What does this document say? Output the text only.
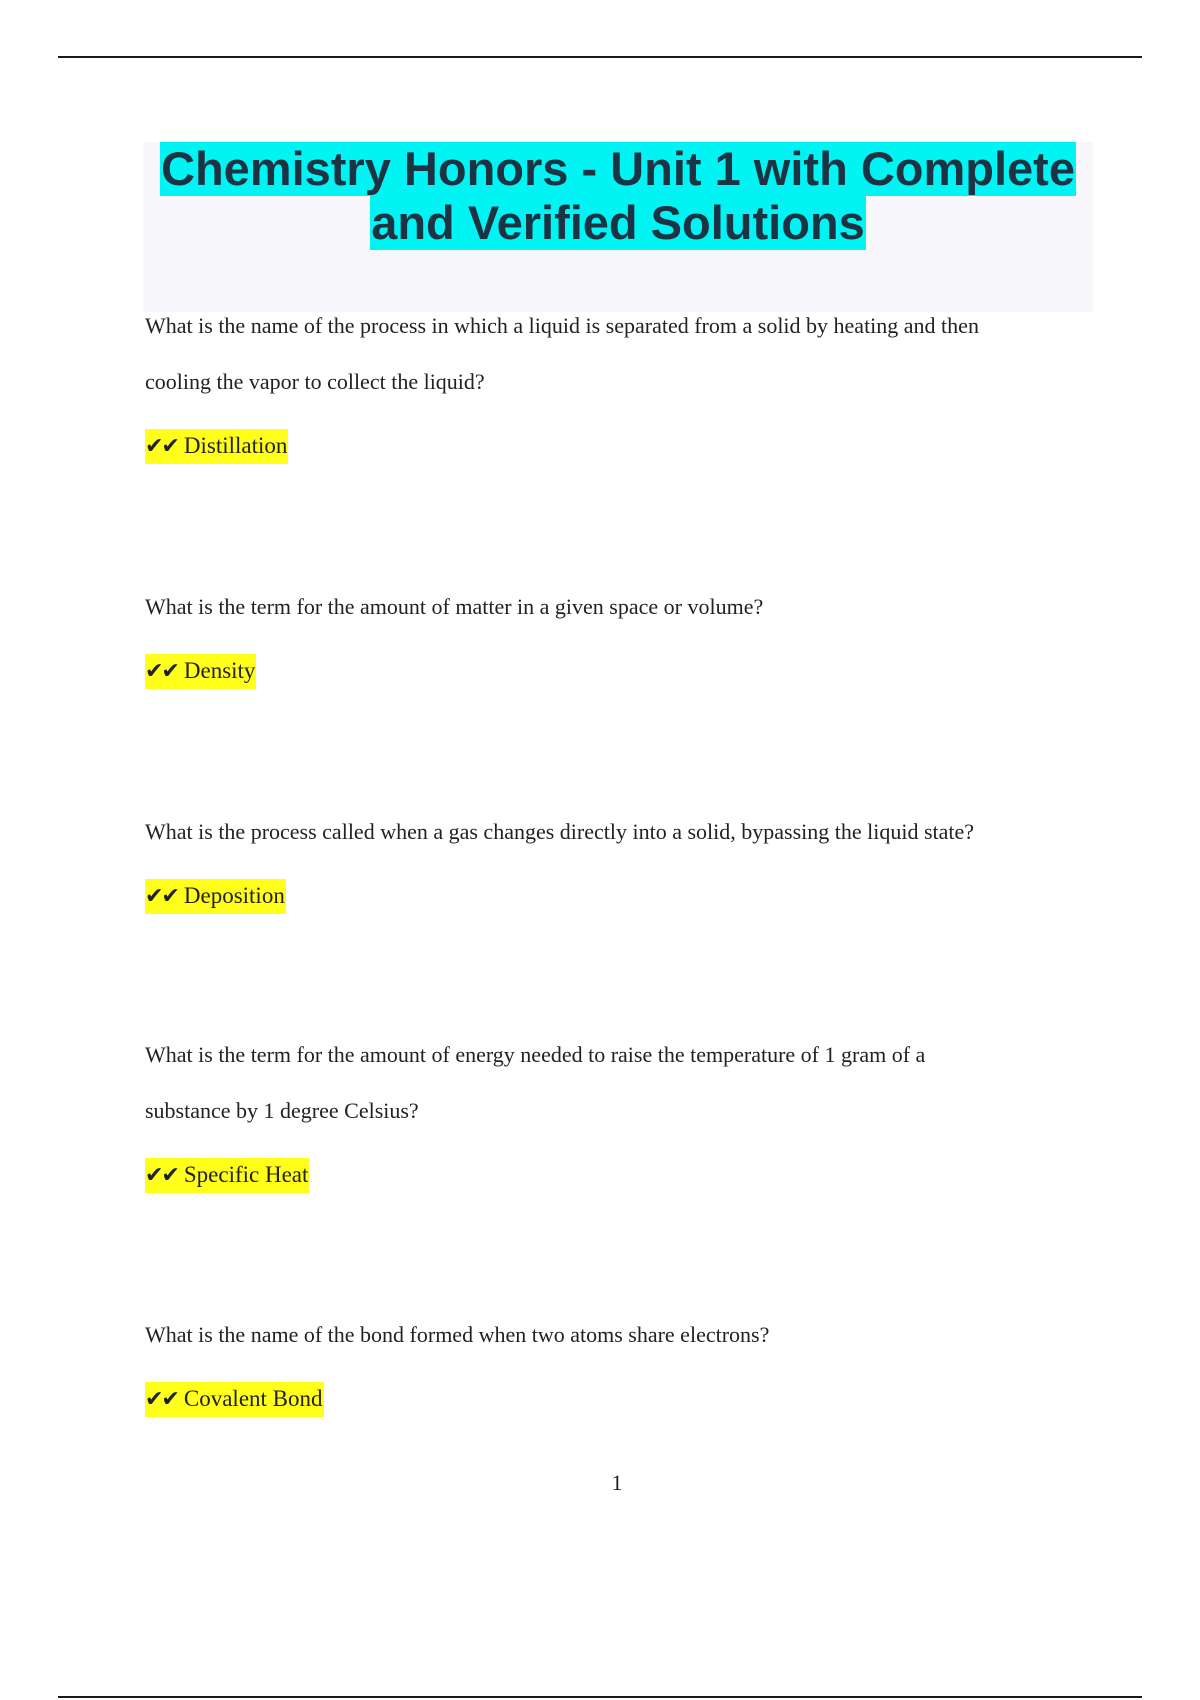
Chemistry Honors - Unit 1 with Complete
and Verified Solutions

What is the name of the process in which a liquid is separated from a solid by heating and then

cooling the vapor to collect the liquid?

✔✔ Distillation

What is the term for the amount of matter in a given space or volume?

✔✔ Density

What is the process called when a gas changes directly into a solid, bypassing the liquid state?

✔✔ Deposition

What is the term for the amount of energy needed to raise the temperature of 1 gram of a

substance by 1 degree Celsius?

✔✔ Specific Heat

What is the name of the bond formed when two atoms share electrons?

✔✔ Covalent Bond
1
